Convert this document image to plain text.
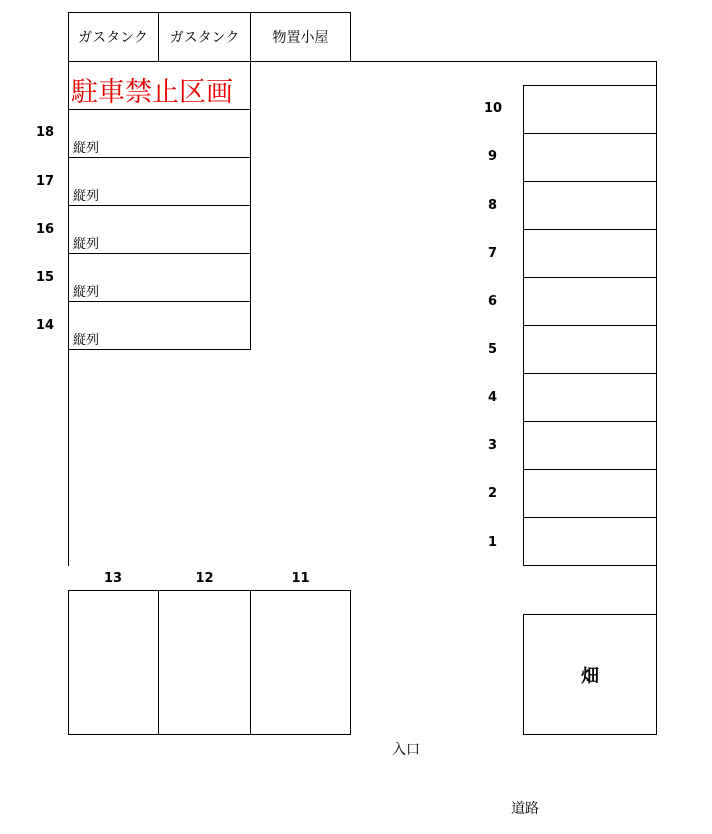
ガスタンク	ガスタンク	物置小屋
駐車禁止区画
18
縦列
17
縦列
16
縦列
15
縦列
14
縦列
10
9
8
7
6
5
4
3
2
1
13	12	11
畑
入口
道路
